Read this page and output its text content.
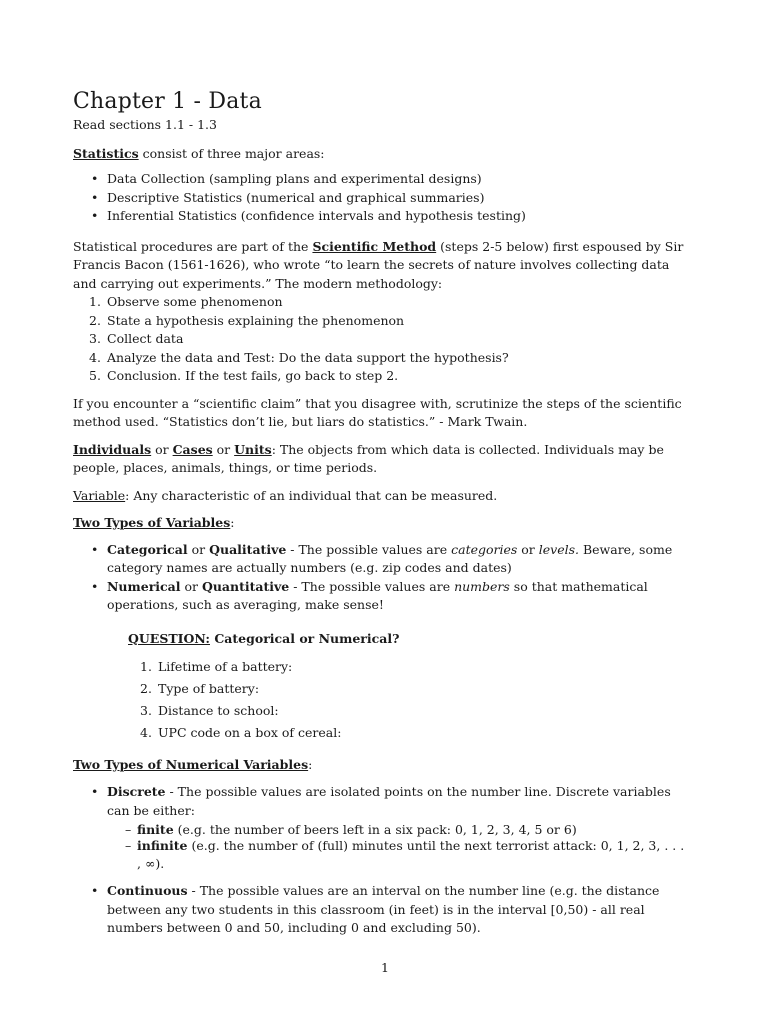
Chapter 1 - Data

Read sections 1.1 - 1.3

Statistics consist of three major areas:

• Data Collection (sampling plans and experimental designs)
• Descriptive Statistics (numerical and graphical summaries)
• Inferential Statistics (confidence intervals and hypothesis testing)

Statistical procedures are part of the Scientific Method (steps 2-5 below) first espoused by Sir Francis Bacon (1561-1626), who wrote “to learn the secrets of nature involves collecting data and carrying out experiments.” The modern methodology:

1. Observe some phenomenon
2. State a hypothesis explaining the phenomenon
3. Collect data
4. Analyze the data and Test: Do the data support the hypothesis?
5. Conclusion. If the test fails, go back to step 2.

If you encounter a “scientific claim” that you disagree with, scrutinize the steps of the scientific method used. “Statistics don’t lie, but liars do statistics.” - Mark Twain.

Individuals or Cases or Units: The objects from which data is collected. Individuals may be people, places, animals, things, or time periods.

Variable: Any characteristic of an individual that can be measured.

Two Types of Variables:

• Categorical or Qualitative - The possible values are categories or levels. Beware, some category names are actually numbers (e.g. zip codes and dates)
• Numerical or Quantitative - The possible values are numbers so that mathematical operations, such as averaging, make sense!

QUESTION: Categorical or Numerical?

1. Lifetime of a battery:
2. Type of battery:
3. Distance to school:
4. UPC code on a box of cereal:

Two Types of Numerical Variables:

• Discrete - The possible values are isolated points on the number line. Discrete variables can be either:
– finite (e.g. the number of beers left in a six pack: 0, 1, 2, 3, 4, 5 or 6)
– infinite (e.g. the number of (full) minutes until the next terrorist attack: 0, 1, 2, 3, . . . , ∞).
• Continuous - The possible values are an interval on the number line (e.g. the distance between any two students in this classroom (in feet) is in the interval [0,50) - all real numbers between 0 and 50, including 0 and excluding 50).
1
